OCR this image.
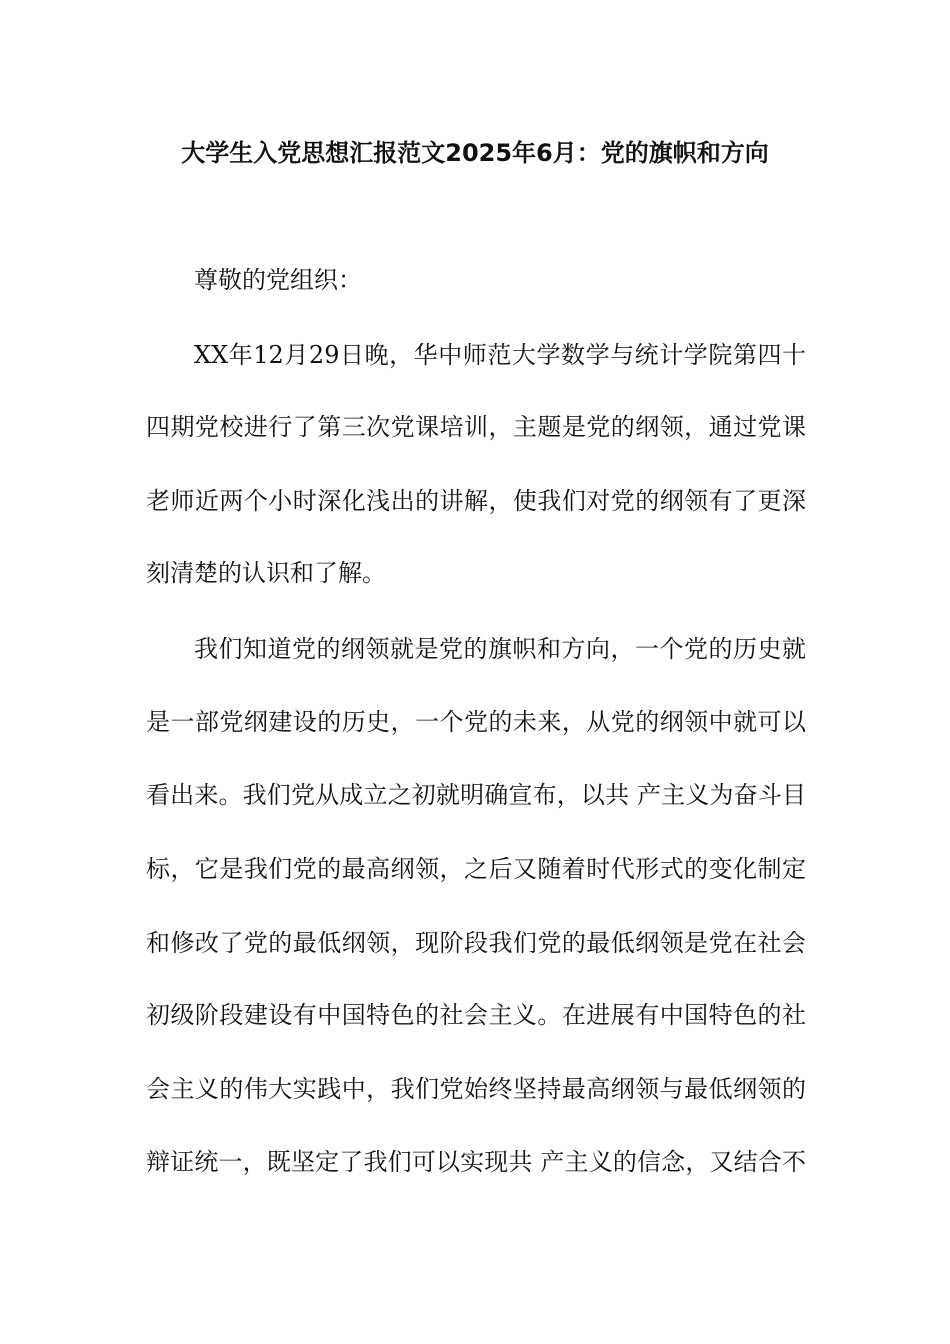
大学生入党思想汇报范文2025年6月：党的旗帜和方向

尊敬的党组织：

XX年12月29日晚，华中师范大学数学与统计学院第四十

四期党校进行了第三次党课培训，主题是党的纲领，通过党课

老师近两个小时深化浅出的讲解，使我们对党的纲领有了更深

刻清楚的认识和了解。

我们知道党的纲领就是党的旗帜和方向，一个党的历史就

是一部党纲建设的历史，一个党的未来，从党的纲领中就可以

看出来。我们党从成立之初就明确宣布，以共 产主义为奋斗目

标，它是我们党的最高纲领，之后又随着时代形式的变化制定

和修改了党的最低纲领，现阶段我们党的最低纲领是党在社会

初级阶段建设有中国特色的社会主义。在进展有中国特色的社

会主义的伟大实践中，我们党始终坚持最高纲领与最低纲领的

辩证统一，既坚定了我们可以实现共 产主义的信念，又结合不
